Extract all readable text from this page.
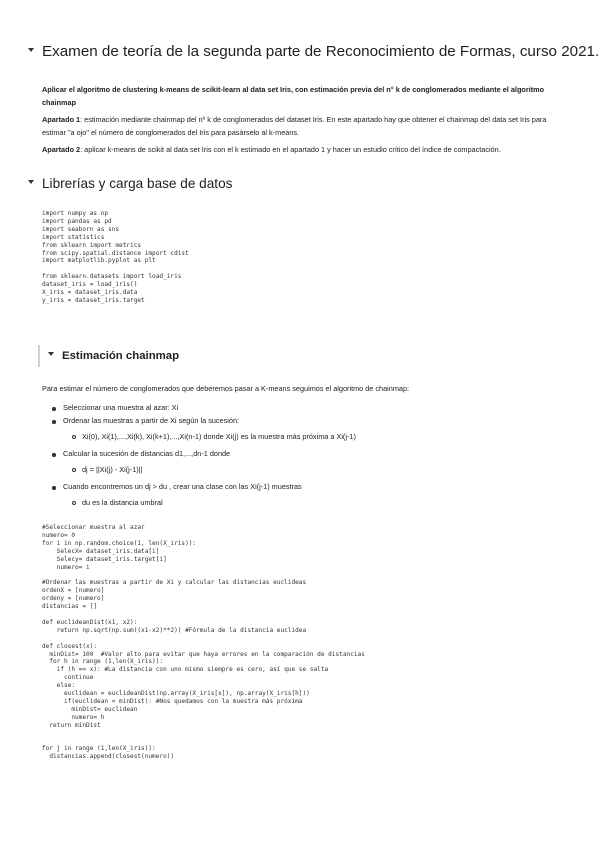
Examen de teoría de la segunda parte de Reconocimiento de Formas, curso 2021.
Aplicar el algoritmo de clustering k-means de scikit-learn al data set Iris, con estimación previa del n° k de conglomerados mediante el algoritmo chainmap
Apartado 1: estimación mediante chainmap del nº k de conglomerados del dataset Iris. En este apartado hay que obtener el chainmap del data set Iris para estimar "a ojo" el número de conglomerados del Iris para pasárselo al k-means.
Apartado 2: aplicar k-means de scikit al data set Iris con el k estimado en el apartado 1 y hacer un estudio crítico del índice de compactación.
Librerías y carga base de datos
import numpy as np
import pandas as pd
import seaborn as sns
import statistics
from sklearn import metrics
from scipy.spatial.distance import cdist
import matplotlib.pyplot as plt

from sklearn.datasets import load_iris
dataset_iris = load_iris()
X_iris = dataset_iris.data
y_iris = dataset_iris.target
Estimación chainmap
Para estimar el número de conglomerados que deberemos pasar a K-means seguimos el algoritmo de chainmap:
Seleccionar una muestra al azar: Xi
Ordenar las muestras a partir de Xi según la sucesión:
Xi(0), Xi(1),...,Xi(k), Xi(k+1),...,Xi(n-1) donde Xi(j) es la muestra más próxima a Xi(j-1)
Calcular la sucesión de distancias d1,...,dn-1 donde
dj = ||Xi(j) - Xi(j-1)||
Cuando encontremos un dj > du , crear una clase con las Xi(j-1) muestras
du es la distancia umbral
#Seleccionar muestra al azar
numero= 0
for i in np.random.choice(1, len(X_iris)):
SelecX= dataset_iris.data[i]
Selecy= dataset_iris.target[i]
numero= i

#Ordenar las muestras a partir de Xi y calcular las distancias euclideas
ordenX = [numero]
ordeny = [numero]
distancias = []

def euclideanDist(x1, x2):
return np.sqrt(np.sum((x1-x2)**2)) #Fórmula de la distancia euclidea

def closest(x):
minDist= 100  #Valor alto para evitar que haya errores en la comparación de distancias
for h in range (1,len(X_iris)):
if (h == x): #La distancia con uno mismo siempre es cero, así que se salta
continue
else:
euclidean = euclideanDist(np.array(X_iris[x]), np.array(X_iris[h]))
if(euclidean < minDist): #Nos quedamos con la muestra más próxima
minDist= euclidean
numero= h
return minDist

for j in range (1,len(X_iris)):
distancias.append(closest(numero))
